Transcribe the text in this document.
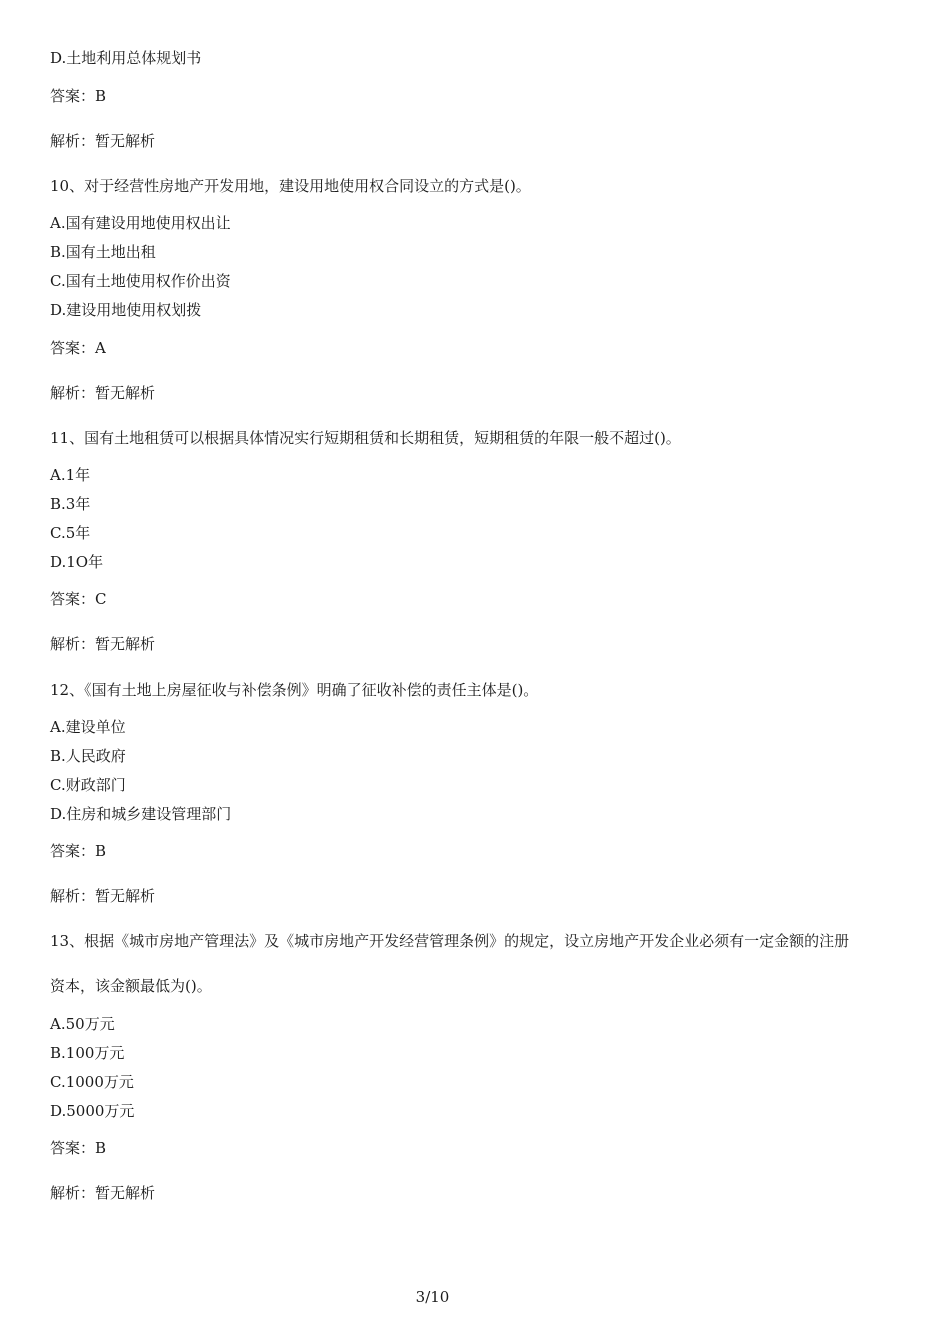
D.土地利用总体规划书
答案：B
解析：暂无解析
10、对于经营性房地产开发用地，建设用地使用权合同设立的方式是()。
A.国有建设用地使用权出让
B.国有土地出租
C.国有土地使用权作价出资
D.建设用地使用权划拨
答案：A
解析：暂无解析
11、国有土地租赁可以根据具体情况实行短期租赁和长期租赁，短期租赁的年限一般不超过()。
A.1年
B.3年
C.5年
D.1O年
答案：C
解析：暂无解析
12、《国有土地上房屋征收与补偿条例》明确了征收补偿的责任主体是()。
A.建设单位
B.人民政府
C.财政部门
D.住房和城乡建设管理部门
答案：B
解析：暂无解析
13、根据《城市房地产管理法》及《城市房地产开发经营管理条例》的规定，设立房地产开发企业必须有一定金额的注册
资本，该金额最低为()。
A.50万元
B.100万元
C.1000万元
D.5000万元
答案：B
解析：暂无解析
3/10
